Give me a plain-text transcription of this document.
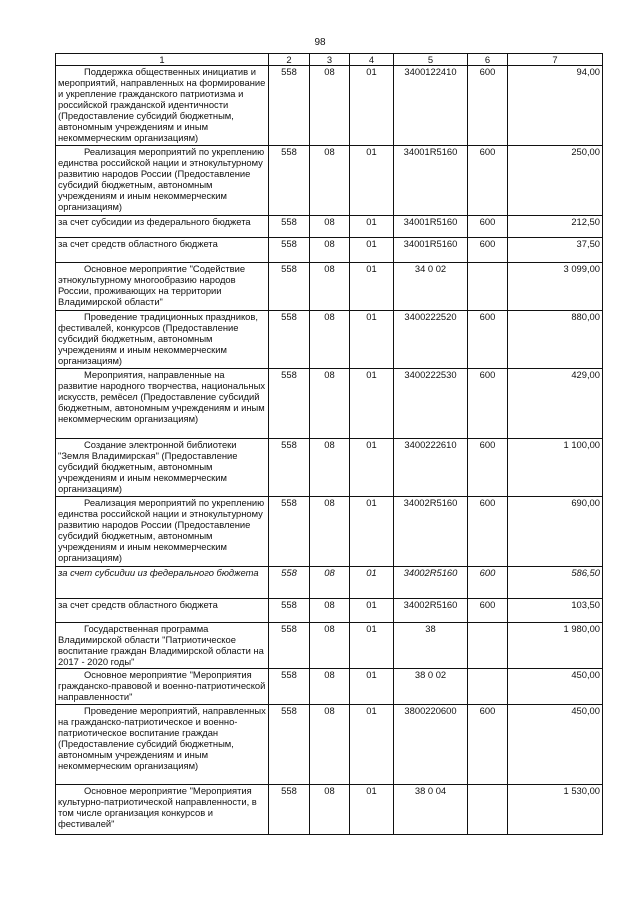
98
1	2	3	4	5	6	7
Поддержка общественных инициатив и мероприятий, направленных на формирование и укрепление гражданского патриотизма и российской гражданской идентичности (Предоставление субсидий бюджетным, автономным учреждениям и иным некоммерческим организациям)	558	08	01	3400122410	600	94,00
Реализация мероприятий по укреплению единства российской нации и этнокультурному развитию народов России (Предоставление субсидий бюджетным, автономным учреждениям и иным некоммерческим организациям)	558	08	01	34001R5160	600	250,00
за счет субсидии из федерального бюджета	558	08	01	34001R5160	600	212,50
за счет средств областного бюджета	558	08	01	34001R5160	600	37,50
Основное мероприятие "Содействие этнокультурному многообразию народов России, проживающих на территории Владимирской области"	558	08	01	34 0 02		3 099,00
Проведение традиционных праздников, фестивалей, конкурсов (Предоставление субсидий бюджетным, автономным учреждениям и иным некоммерческим организациям)	558	08	01	3400222520	600	880,00
Мероприятия, направленные на развитие народного творчества, национальных искусств, ремёсел (Предоставление субсидий бюджетным, автономным учреждениям и иным некоммерческим организациям)	558	08	01	3400222530	600	429,00
Создание электронной библиотеки "Земля Владимирская" (Предоставление субсидий бюджетным, автономным учреждениям и иным некоммерческим организациям)	558	08	01	3400222610	600	1 100,00
Реализация мероприятий по укреплению единства российской нации и этнокультурному развитию народов России (Предоставление субсидий бюджетным, автономным учреждениям и иным некоммерческим организациям)	558	08	01	34002R5160	600	690,00
за счет субсидии из федерального бюджета	558	08	01	34002R5160	600	586,50
за счет средств областного бюджета	558	08	01	34002R5160	600	103,50
Государственная программа Владимирской области "Патриотическое воспитание граждан Владимирской области на 2017 - 2020 годы"	558	08	01	38		1 980,00
Основное мероприятие "Мероприятия гражданско-правовой и военно-патриотической направленности"	558	08	01	38 0 02		450,00
Проведение мероприятий, направленных на гражданско-патриотическое и военно-патриотическое воспитание граждан (Предоставление субсидий бюджетным, автономным учреждениям и иным некоммерческим организациям)	558	08	01	3800220600	600	450,00
Основное мероприятие "Мероприятия культурно-патриотической направленности, в том числе организация конкурсов и фестивалей"	558	08	01	38 0 04		1 530,00
